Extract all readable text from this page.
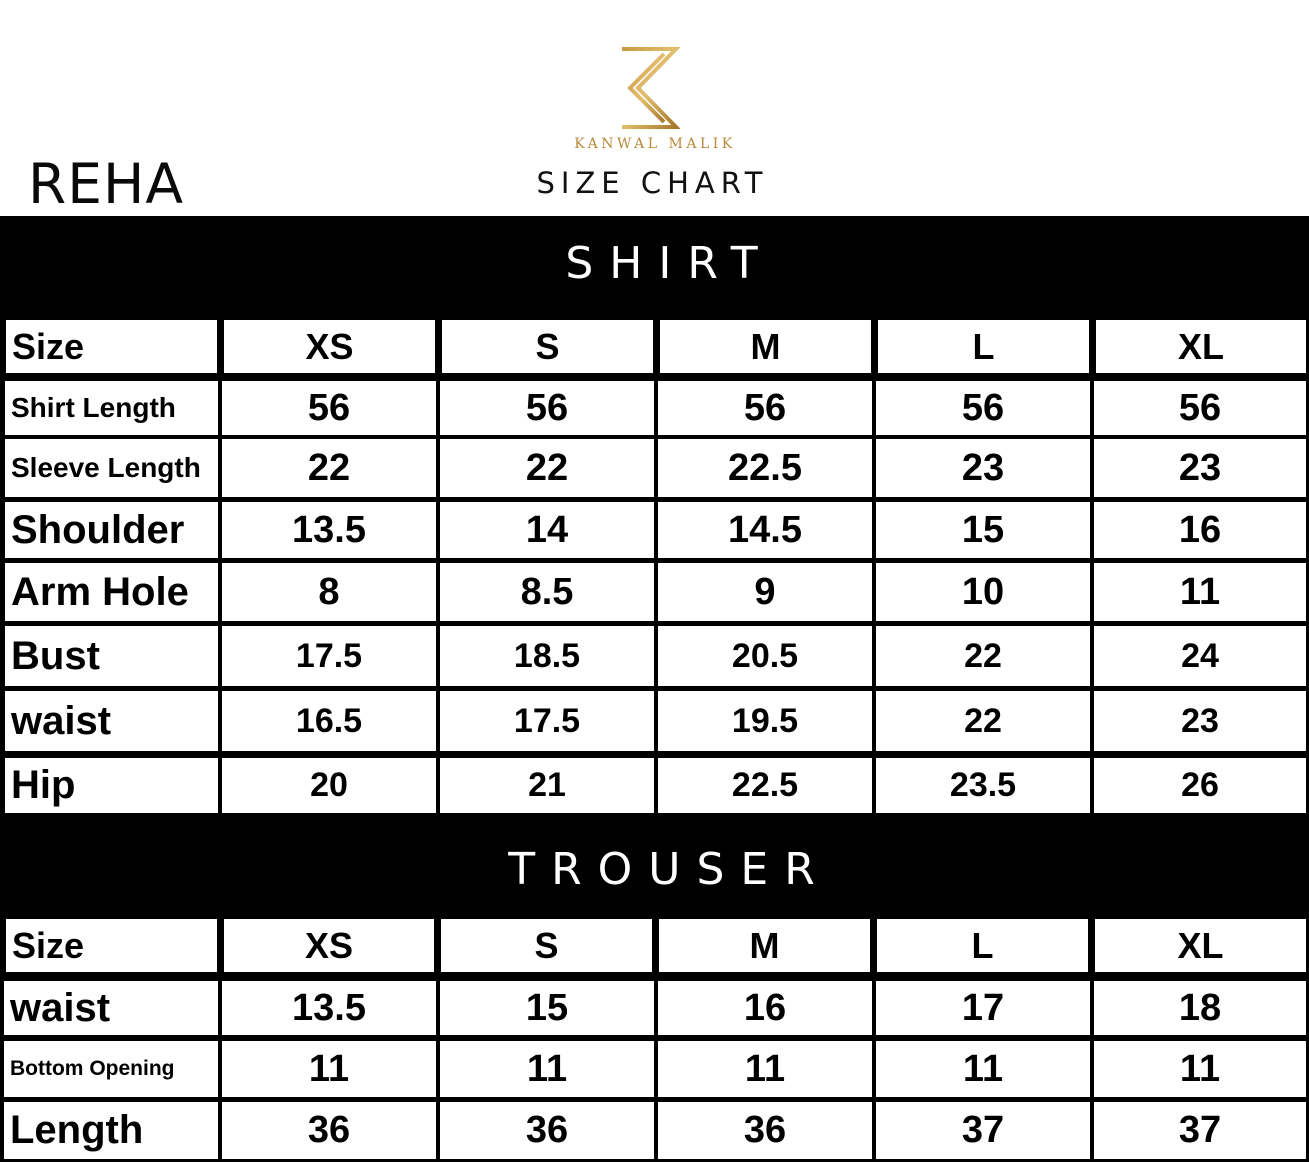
KANWAL MALIK
SIZE CHART
REHA
SHIRT
Size	XS	S	M	L	XL
Shirt Length	56	56	56	56	56
Sleeve Length	22	22	22.5	23	23
Shoulder	13.5	14	14.5	15	16
Arm Hole	8	8.5	9	10	11
Bust	17.5	18.5	20.5	22	24
waist	16.5	17.5	19.5	22	23
Hip	20	21	22.5	23.5	26
TROUSER
Size	XS	S	M	L	XL
waist	13.5	15	16	17	18
Bottom Opening	11	11	11	11	11
Length	36	36	36	37	37
